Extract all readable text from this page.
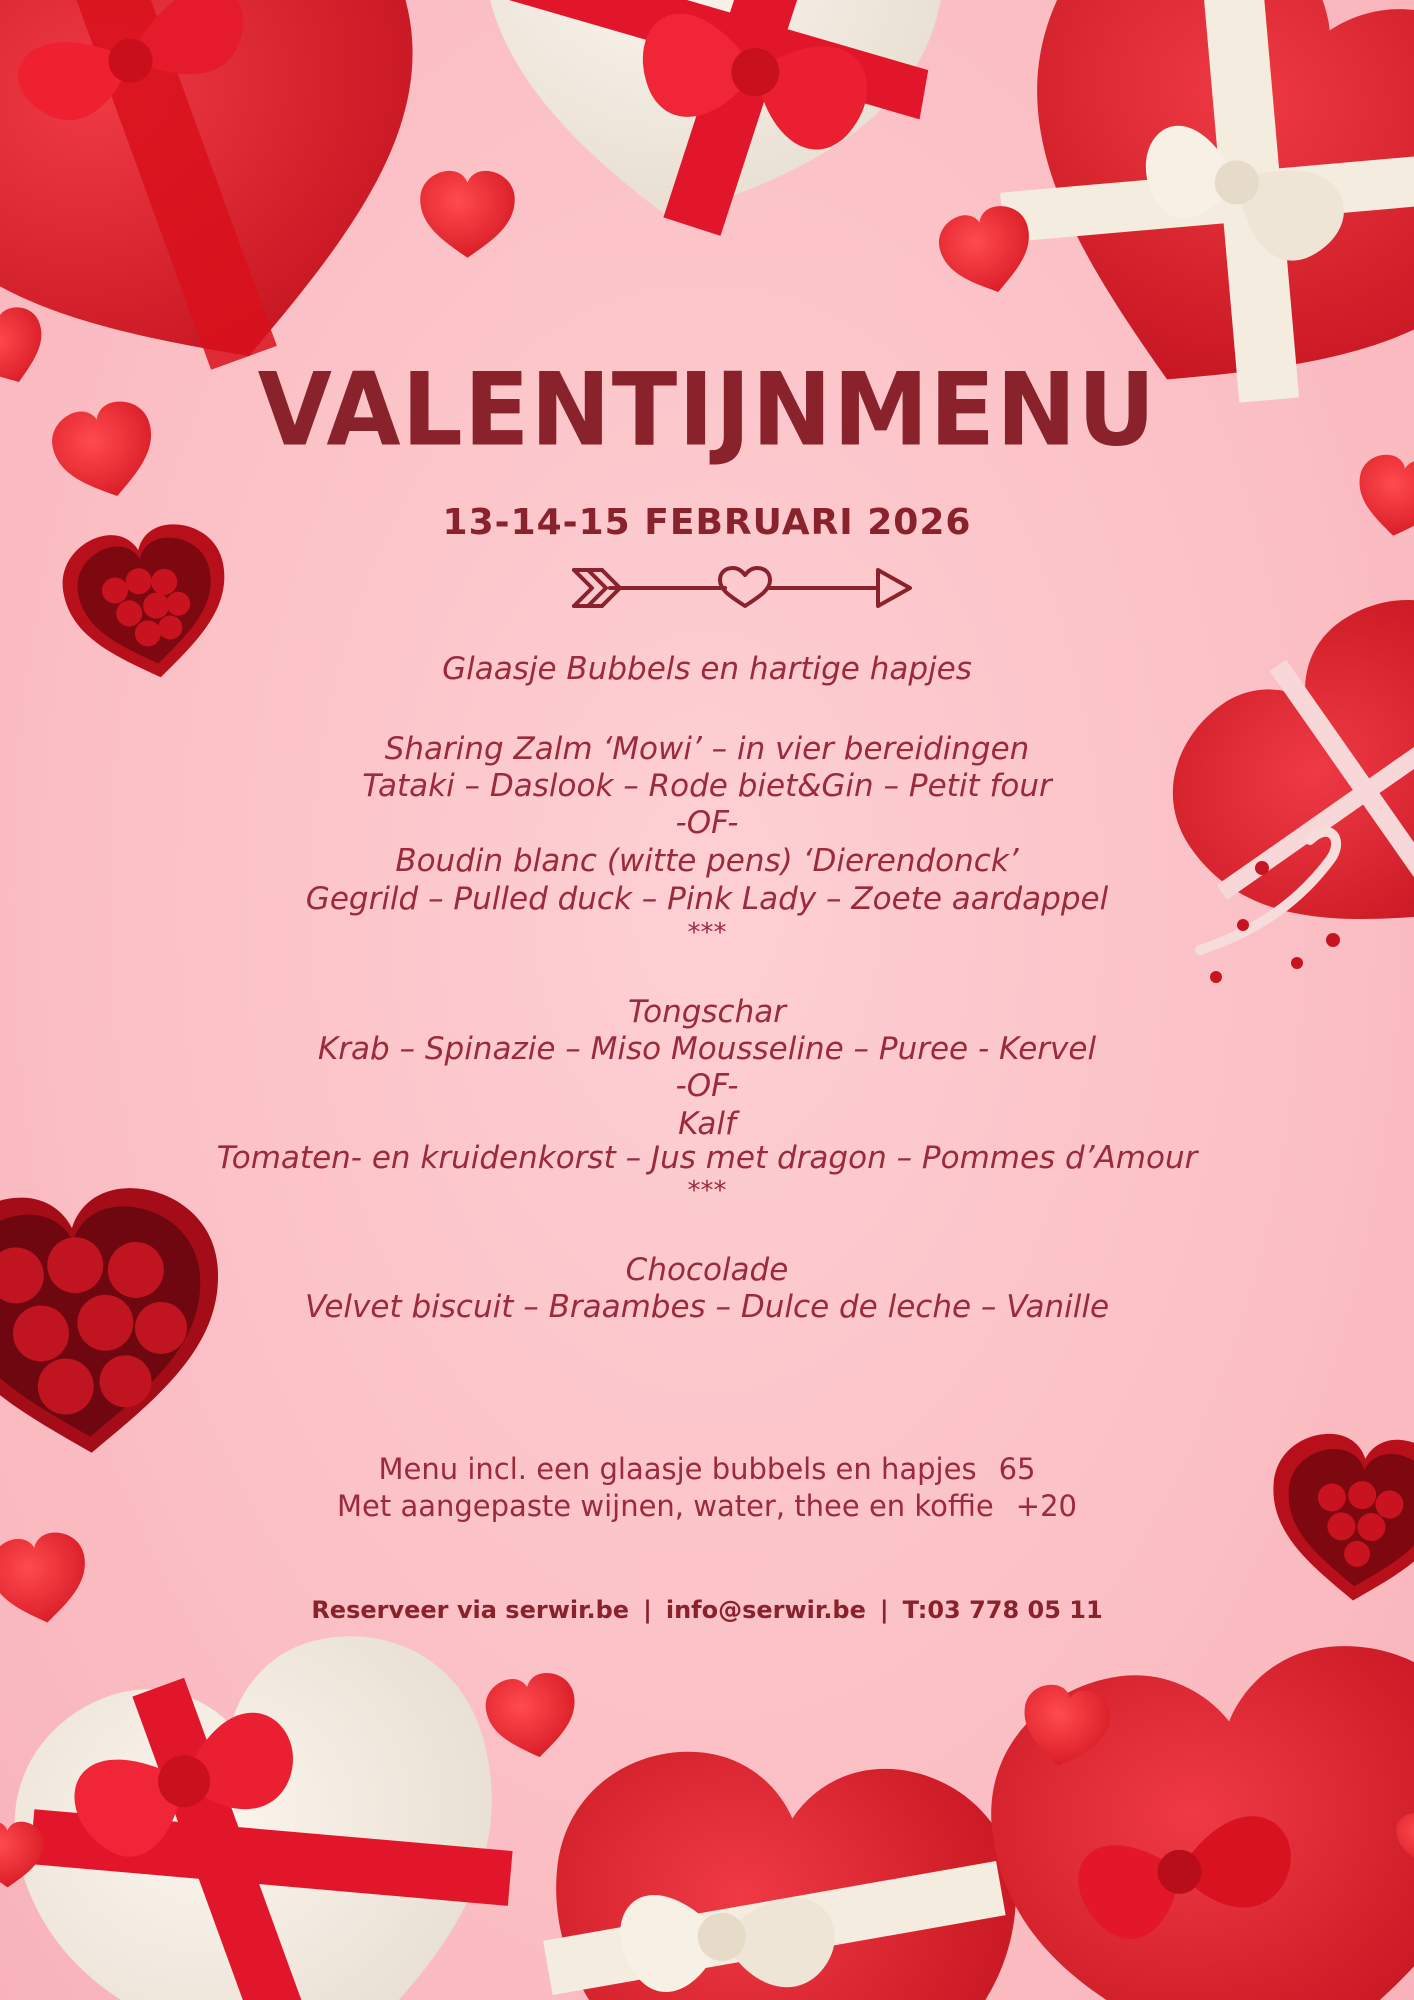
VALENTIJNMENU
13-14-15 FEBRUARI 2026
Glaasje Bubbels en hartige hapjes
Sharing Zalm ‘Mowi’ – in vier bereidingen
Tataki – Daslook – Rode biet&Gin – Petit four
-OF-
Boudin blanc (witte pens) ‘Dierendonck’
Gegrild – Pulled duck – Pink Lady – Zoete aardappel
***
Tongschar
Krab – Spinazie – Miso Mousseline – Puree - Kervel
-OF-
Kalf
Tomaten- en kruidenkorst – Jus met dragon – Pommes d’Amour
***
Chocolade
Velvet biscuit – Braambes – Dulce de leche – Vanille
Menu incl. een glaasje bubbels en hapjes 65
Met aangepaste wijnen, water, thee en koffie +20
Reserveer via serwir.be | info@serwir.be | T:03 778 05 11
